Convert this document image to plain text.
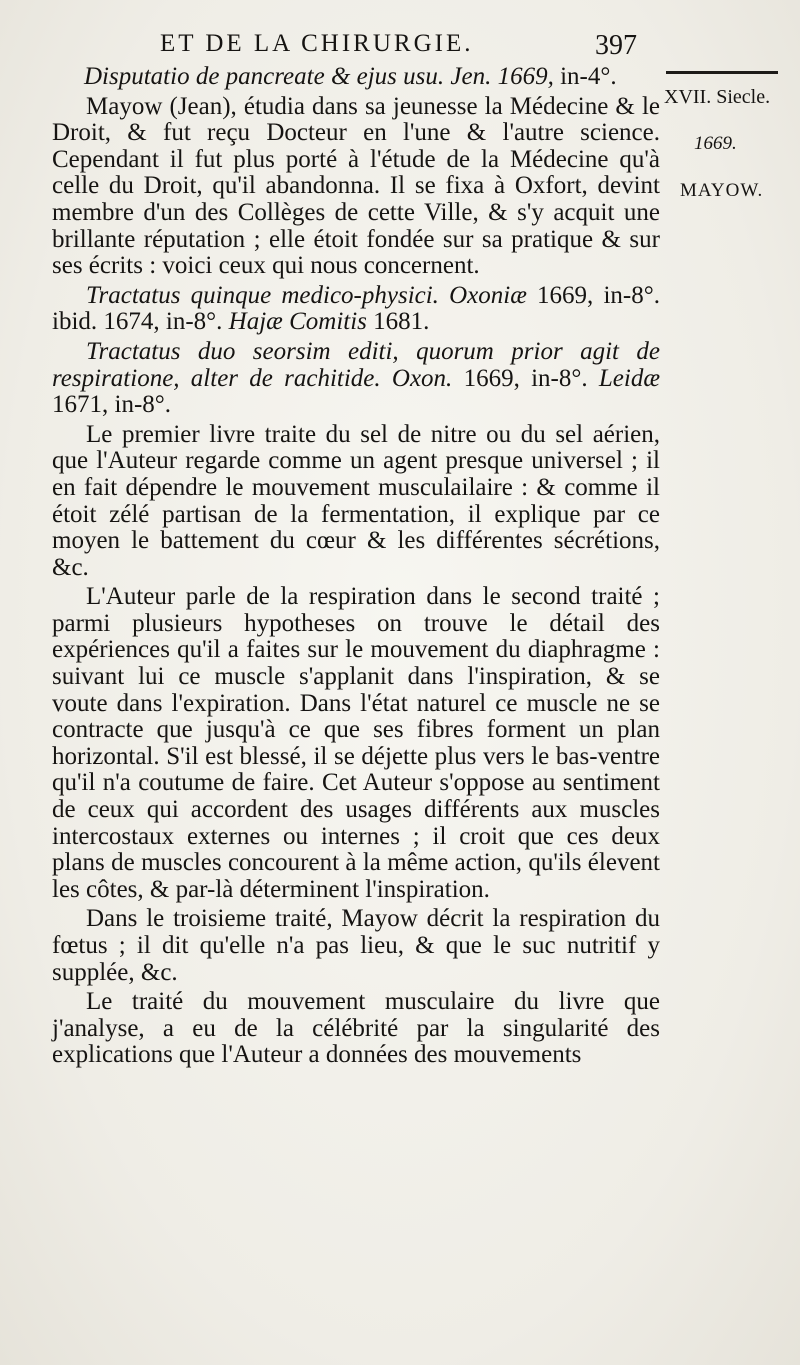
ET DE LA CHIRURGIE.	397
XVII. Siecle.
1669.
MAYOW.

Disputatio de pancreate & ejus usu. Jen. 1669, in-4°.

Mayow (Jean), étudia dans sa jeunesse la Médecine & le Droit, & fut reçu Docteur en l'une & l'autre science. Cependant il fut plus porté à l'étude de la Médecine qu'à celle du Droit, qu'il abandonna. Il se fixa à Oxfort, devint membre d'un des Collèges de cette Ville, & s'y acquit une brillante réputation ; elle étoit fondée sur sa pratique & sur ses écrits : voici ceux qui nous concernent.

Tractatus quinque medico-physici. Oxoniæ 1669, in-8°. ibid. 1674, in-8°. Hajæ Comitis 1681.

Tractatus duo seorsim editi, quorum prior agit de respiratione, alter de rachitide. Oxon. 1669, in-8°. Leidæ 1671, in-8°.

Le premier livre traite du sel de nitre ou du sel aérien, que l'Auteur regarde comme un agent presque universel ; il en fait dépendre le mouvement musculailaire : & comme il étoit zélé partisan de la fermentation, il explique par ce moyen le battement du cœur & les différentes sécrétions, &c.

L'Auteur parle de la respiration dans le second traité ; parmi plusieurs hypotheses on trouve le détail des expériences qu'il a faites sur le mouvement du diaphragme : suivant lui ce muscle s'applanit dans l'inspiration, & se voute dans l'expiration. Dans l'état naturel ce muscle ne se contracte que jusqu'à ce que ses fibres forment un plan horizontal. S'il est blessé, il se déjette plus vers le bas-ventre qu'il n'a coutume de faire. Cet Auteur s'oppose au sentiment de ceux qui accordent des usages différents aux muscles intercostaux externes ou internes ; il croit que ces deux plans de muscles concourent à la même action, qu'ils élevent les côtes, & par-là déterminent l'inspiration.

Dans le troisieme traité, Mayow décrit la respiration du fœtus ; il dit qu'elle n'a pas lieu, & que le suc nutritif y supplée, &c.

Le traité du mouvement musculaire du livre que j'analyse, a eu de la célébrité par la singularité des explications que l'Auteur a données des mouvements
